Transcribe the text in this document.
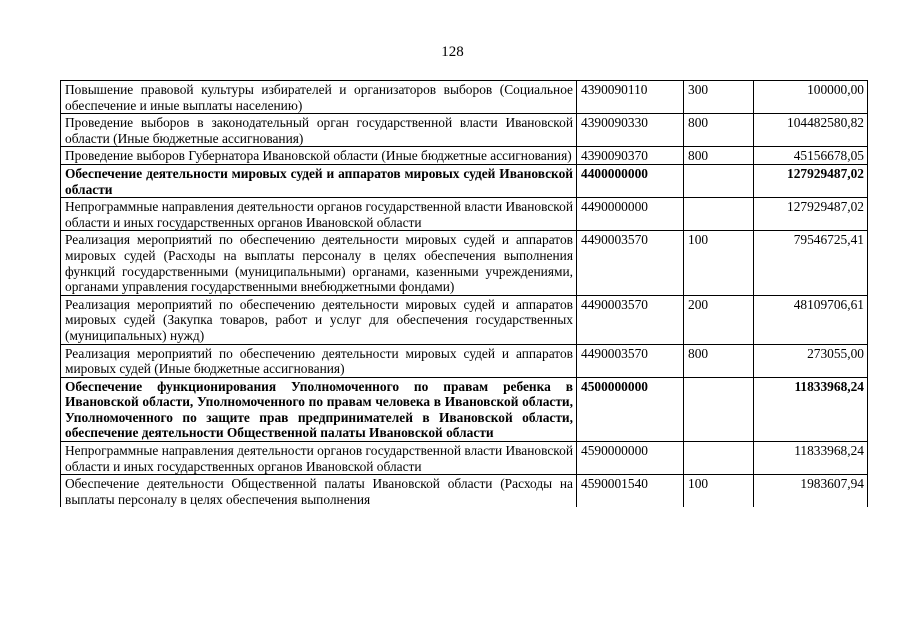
128
Повышение правовой культуры избирателей и организаторов выборов (Социальное обеспечение и иные выплаты населению)	4390090110	300	100000,00
Проведение выборов в законодательный орган государственной власти Ивановской области (Иные бюджетные ассигнования)	4390090330	800	104482580,82
Проведение выборов Губернатора Ивановской области (Иные бюджетные ассигнования)	4390090370	800	45156678,05
Обеспечение деятельности мировых судей и аппаратов мировых судей Ивановской области	4400000000		127929487,02
Непрограммные направления деятельности органов государственной власти Ивановской области и иных государственных органов Ивановской области	4490000000		127929487,02
Реализация мероприятий по обеспечению деятельности мировых судей и аппаратов мировых судей (Расходы на выплаты персоналу в целях обеспечения выполнения функций государственными (муниципальными) органами, казенными учреждениями, органами управления государственными внебюджетными фондами)	4490003570	100	79546725,41
Реализация мероприятий по обеспечению деятельности мировых судей и аппаратов мировых судей (Закупка товаров, работ и услуг для обеспечения государственных (муниципальных) нужд)	4490003570	200	48109706,61
Реализация мероприятий по обеспечению деятельности мировых судей и аппаратов мировых судей (Иные бюджетные ассигнования)	4490003570	800	273055,00
Обеспечение функционирования Уполномоченного по правам ребенка в Ивановской области, Уполномоченного по правам человека в Ивановской области, Уполномоченного по защите прав предпринимателей в Ивановской области, обеспечение деятельности Общественной палаты Ивановской области	4500000000		11833968,24
Непрограммные направления деятельности органов государственной власти Ивановской области и иных государственных органов Ивановской области	4590000000		11833968,24
Обеспечение деятельности Общественной палаты Ивановской области (Расходы на выплаты персоналу в целях обеспечения выполнения	4590001540	100	1983607,94
